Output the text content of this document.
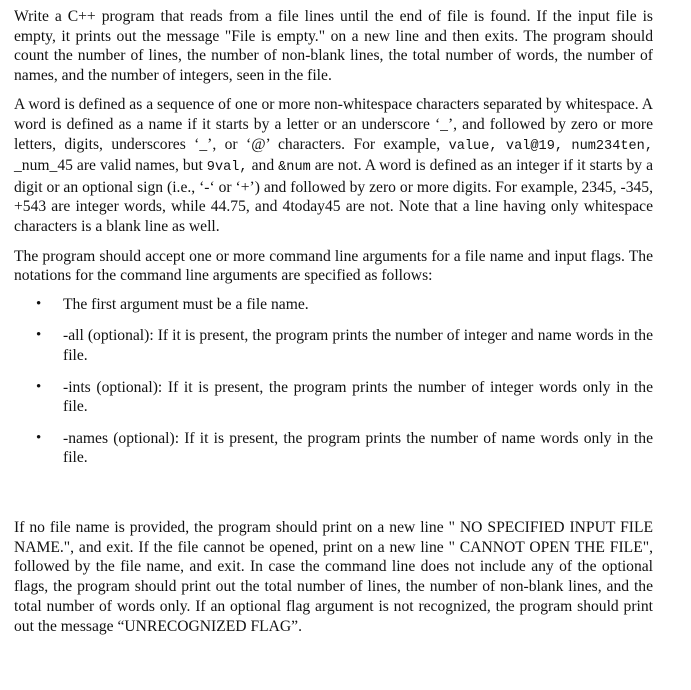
Write a C++ program that reads from a file lines until the end of file is found. If the input file is empty, it prints out the message "File is empty." on a new line and then exits. The program should count the number of lines, the number of non-blank lines, the total number of words, the number of names, and the number of integers, seen in the file.

A word is defined as a sequence of one or more non-whitespace characters separated by whitespace. A word is defined as a name if it starts by a letter or an underscore ‘_’, and followed by zero or more letters, digits, underscores ‘_’, or ‘@’ characters. For example, value, val@19, num234ten, _num_45 are valid names, but 9val, and &num are not. A word is defined as an integer if it starts by a digit or an optional sign (i.e., ‘-‘ or ‘+’) and followed by zero or more digits. For example, 2345, -345, +543 are integer words, while 44.75, and 4today45 are not. Note that a line having only whitespace characters is a blank line as well.

The program should accept one or more command line arguments for a file name and input flags. The notations for the command line arguments are specified as follows:

• The first argument must be a file name.
• -all (optional): If it is present, the program prints the number of integer and name words in the file.
• -ints (optional): If it is present, the program prints the number of integer words only in the file.
• -names (optional): If it is present, the program prints the number of name words only in the file.

If no file name is provided, the program should print on a new line " NO SPECIFIED INPUT FILE NAME.", and exit. If the file cannot be opened, print on a new line " CANNOT OPEN THE FILE", followed by the file name, and exit. In case the command line does not include any of the optional flags, the program should print out the total number of lines, the number of non-blank lines, and the total number of words only. If an optional flag argument is not recognized, the program should print out the message “UNRECOGNIZED FLAG”.
